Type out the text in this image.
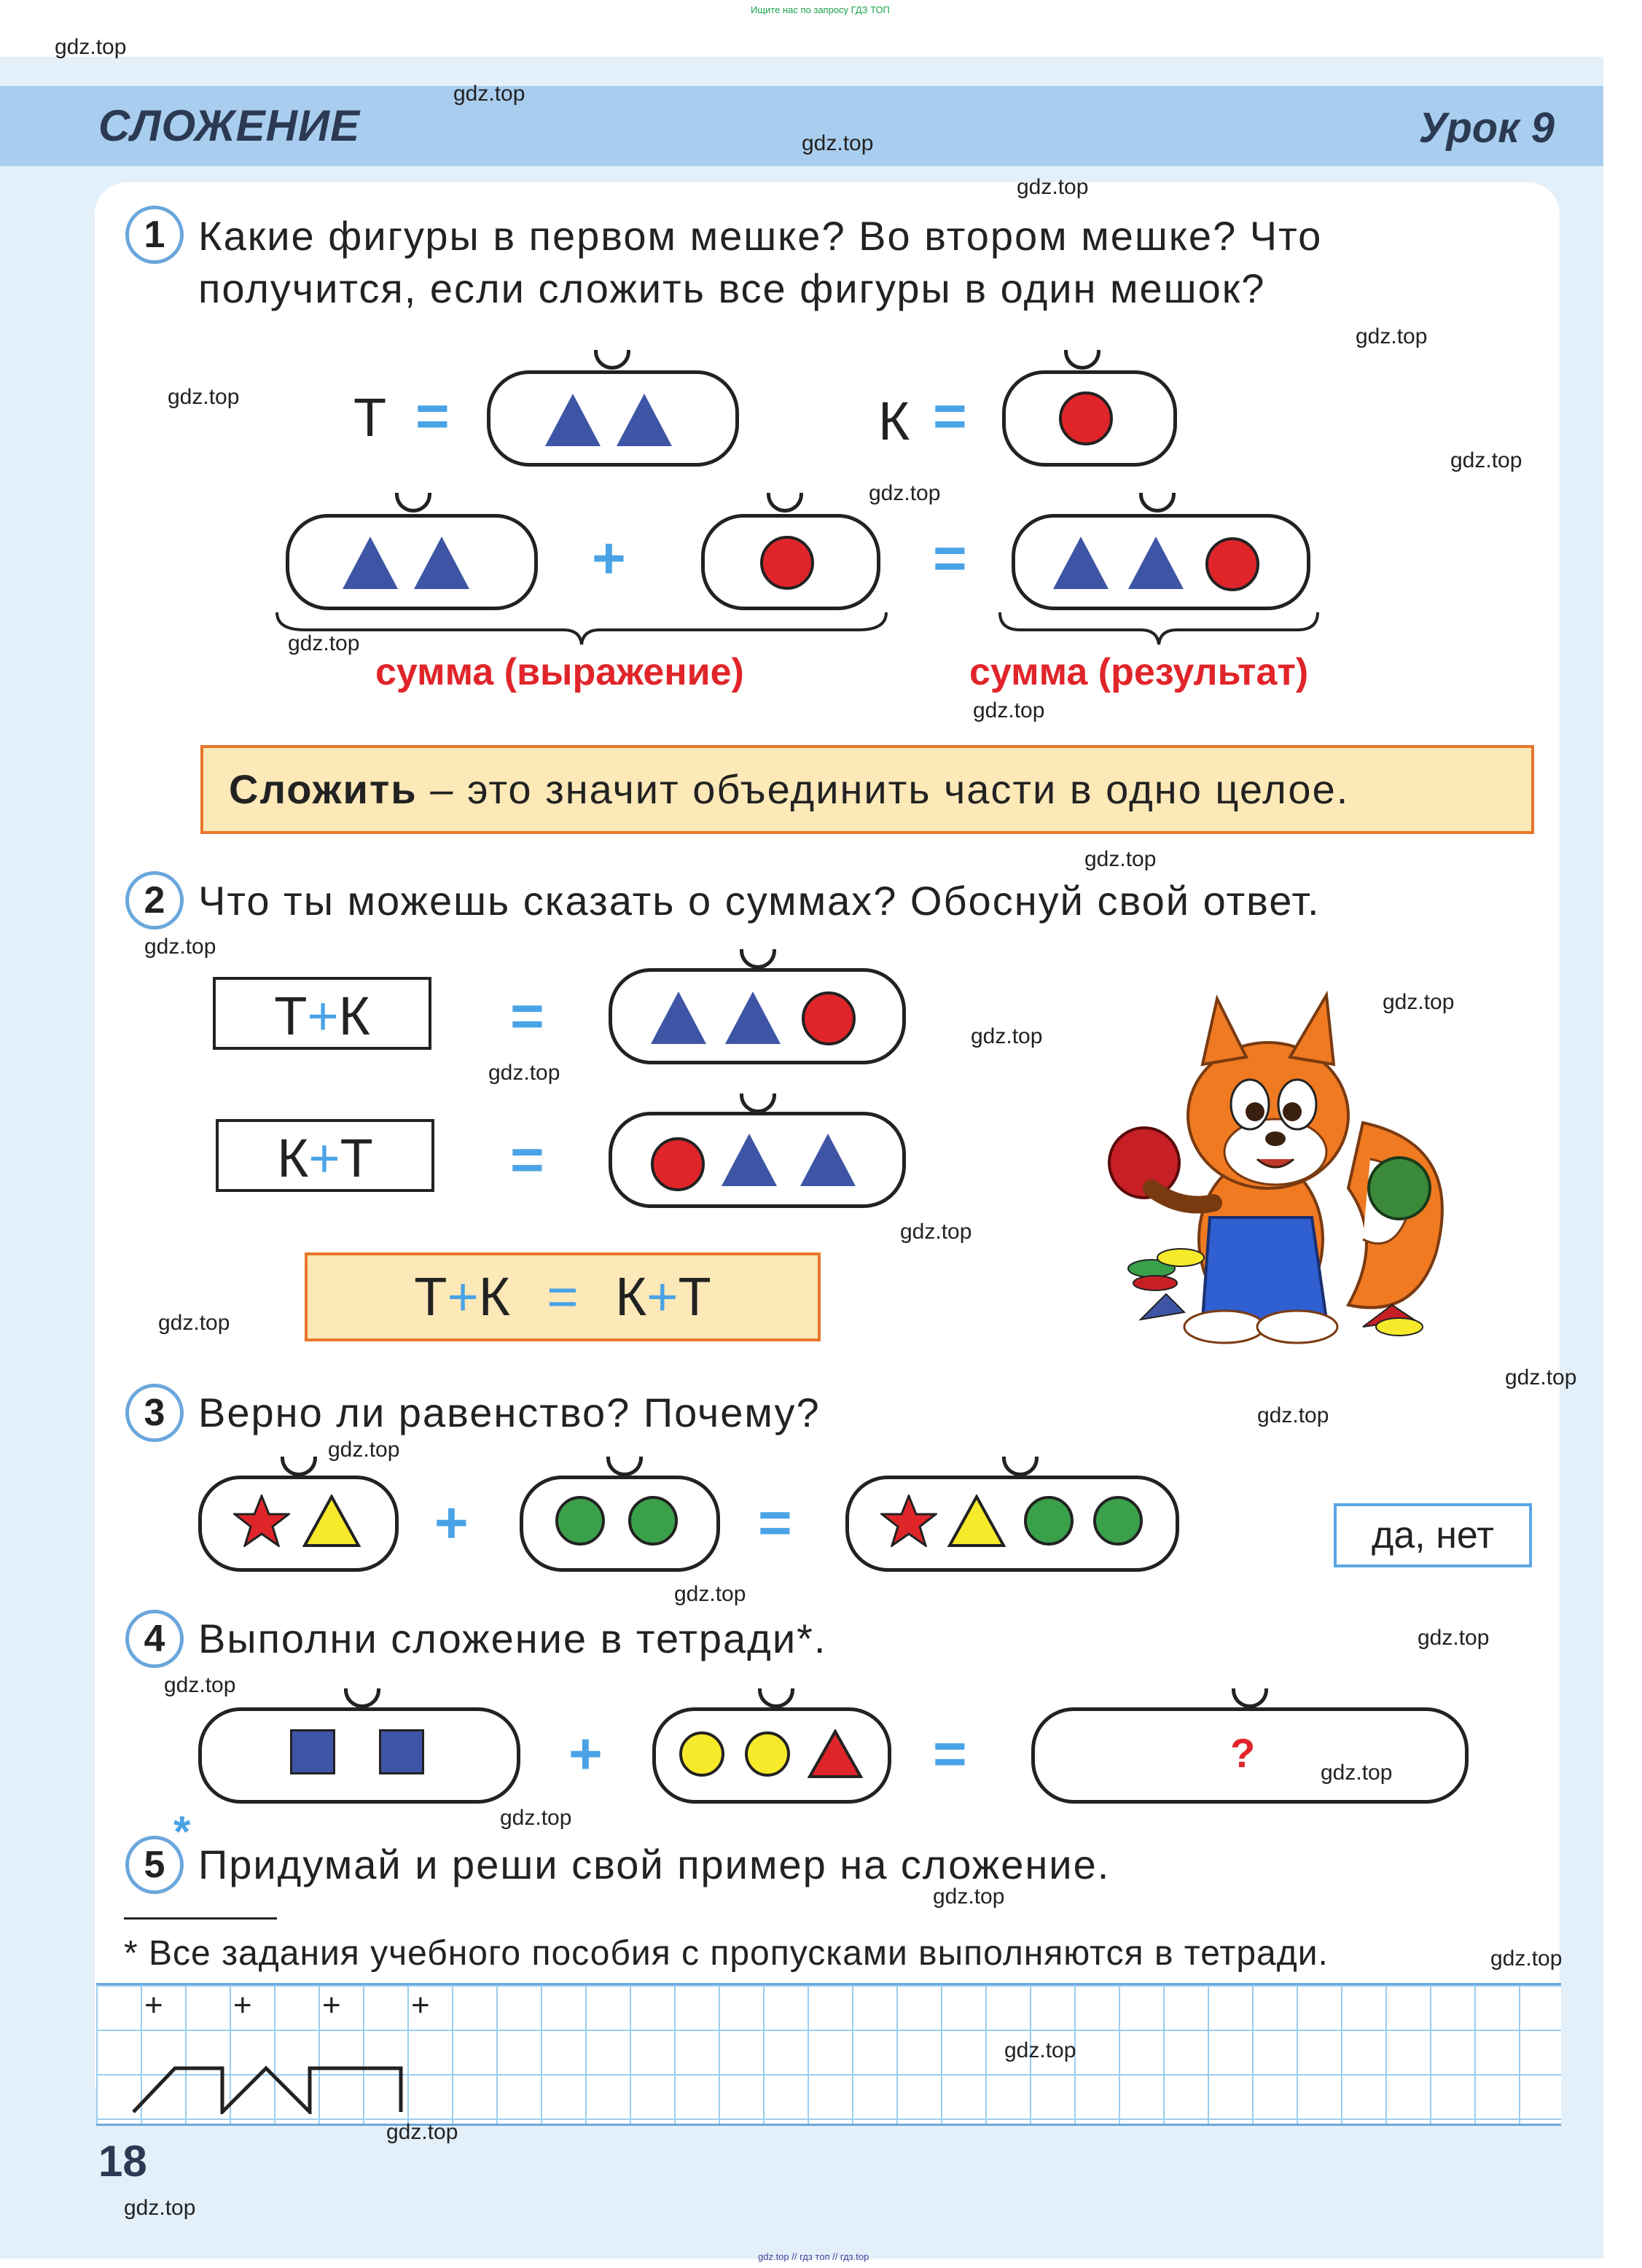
Ищите нас по запросу ГДЗ ТОП
СЛОЖЕНИЕ	Урок 9
1 Какие фигуры в первом мешке? Во втором мешке? Что
получится, если сложить все фигуры в один мешок?
Т =	К =
+	=
сумма (выражение)	сумма (результат)
Сложить – это значит объединить части в одно целое.
2 Что ты можешь сказать о суммах? Обоснуй свой ответ.
Т+К	=
К+Т	=
Т+К = К+Т
3 Верно ли равенство? Почему?
+	=	да, нет
4 Выполни сложение в тетради*.
+	=	?
5
*
Придумай и реши свой пример на сложение.
* Все задания учебного пособия с пропусками выполняются в тетради.
+ + + +
18
gdz.top
gdz.top
gdz.top
gdz.top
gdz.top
gdz.top
gdz.top
gdz.top
gdz.top
gdz.top
gdz.top
gdz.top
gdz.top
gdz.top
gdz.top
gdz.top
gdz.top
gdz.top
gdz.top
gdz.top
gdz.top
gdz.top
gdz.top
gdz.top
gdz.top
gdz.top
gdz.top
gdz.top
gdz.top
gdz.top
gdz.top // гдз топ // гдз.top
